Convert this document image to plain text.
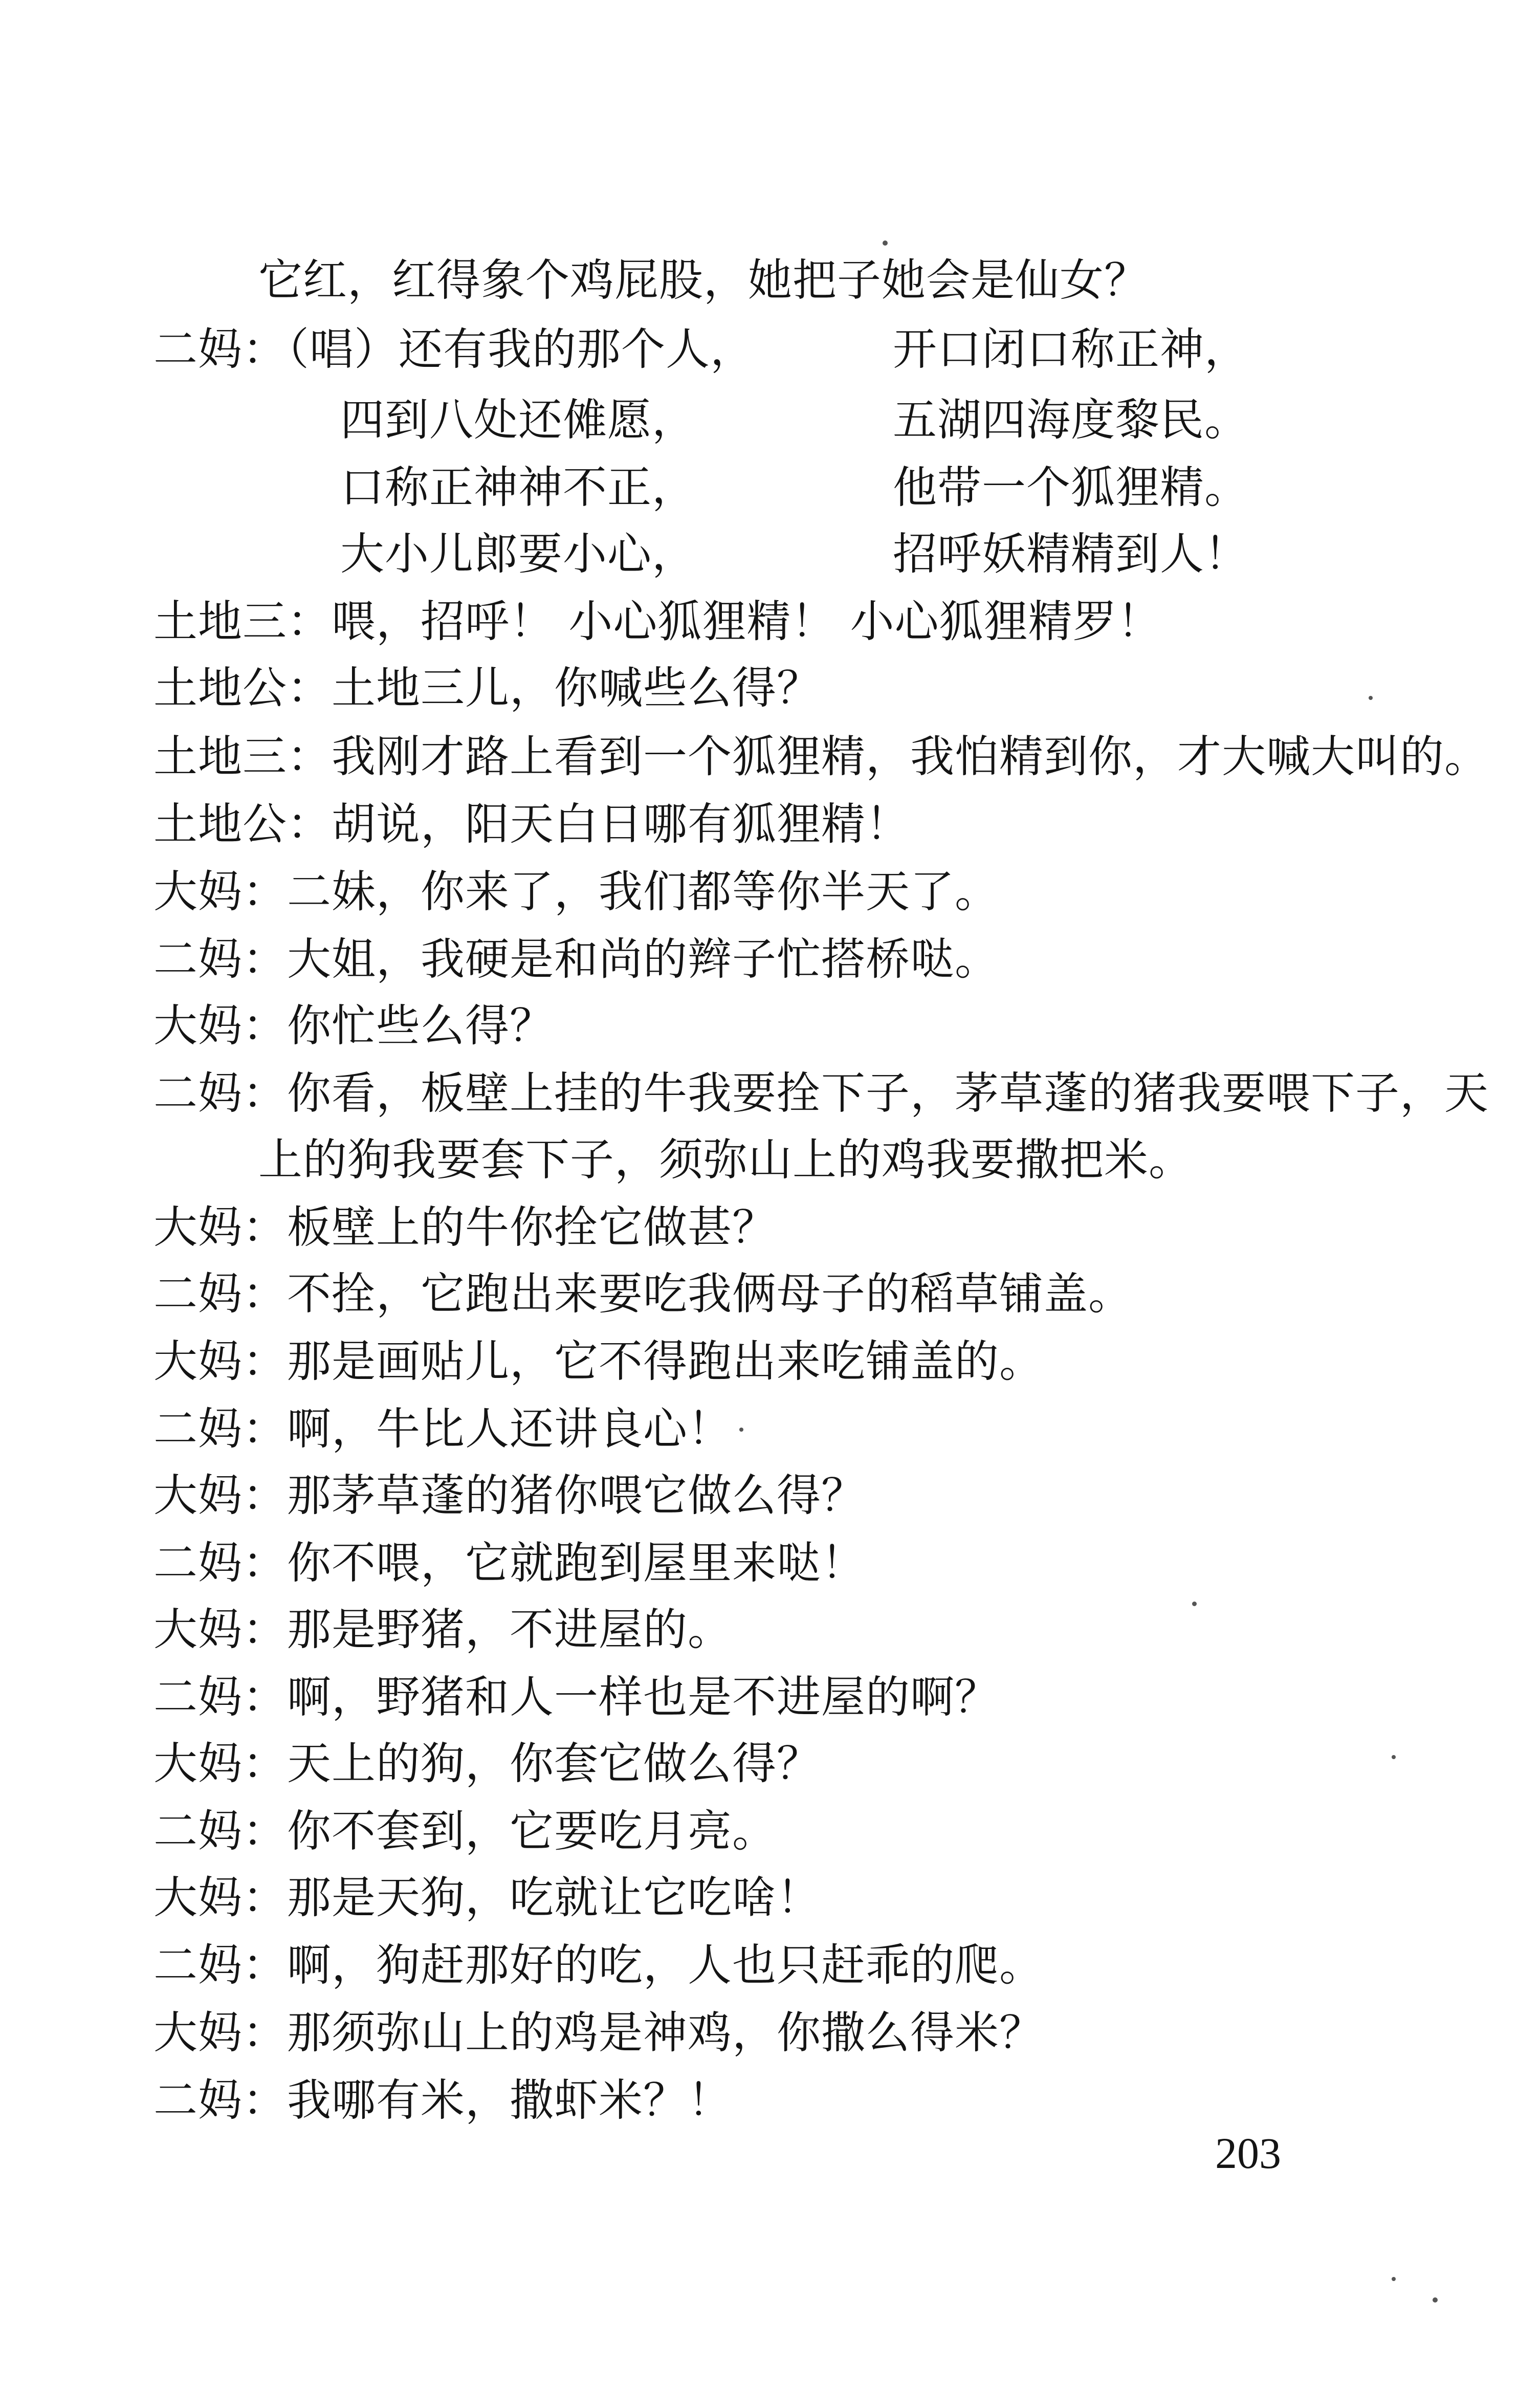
它红，红得象个鸡屁股，她把子她会是仙女？
二妈：（唱）还有我的那个人，	开口闭口称正神，
四到八处还傩愿，	五湖四海度黎民。
口称正神神不正，	他带一个狐狸精。
大小儿郎要小心，	招呼妖精精到人！
土地三：喂，招呼！ 小心狐狸精！ 小心狐狸精罗！
土地公：土地三儿，你喊些么得？
土地三：我刚才路上看到一个狐狸精，我怕精到你，才大喊大叫的。
土地公：胡说，阳天白日哪有狐狸精！
大妈：二妹，你来了，我们都等你半天了。
二妈：大姐，我硬是和尚的辫子忙搭桥哒。
大妈：你忙些么得？
二妈：你看，板壁上挂的牛我要拴下子，茅草蓬的猪我要喂下子，天
上的狗我要套下子，须弥山上的鸡我要撒把米。
大妈：板壁上的牛你拴它做甚？
二妈：不拴，它跑出来要吃我俩母子的稻草铺盖。
大妈：那是画贴儿，它不得跑出来吃铺盖的。
二妈：啊，牛比人还讲良心！
大妈：那茅草蓬的猪你喂它做么得？
二妈：你不喂，它就跑到屋里来哒！
大妈：那是野猪，不进屋的。
二妈：啊，野猪和人一样也是不进屋的啊？
大妈：天上的狗，你套它做么得？
二妈：你不套到，它要吃月亮。
大妈：那是天狗，吃就让它吃啥！
二妈：啊，狗赶那好的吃，人也只赶乖的爬。
大妈：那须弥山上的鸡是神鸡，你撒么得米？
二妈：我哪有米，撒虾米？！
203
